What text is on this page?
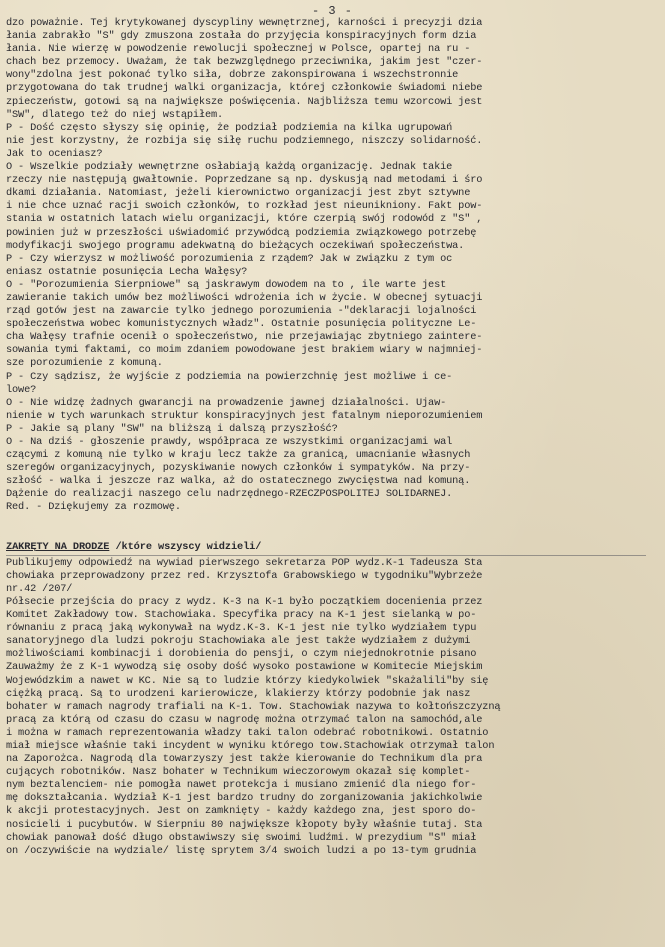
- 3 -
dzo poważnie. Tej krytykowanej dyscypliny wewnętrznej, karności i precyzji dzia
łania zabrakło "S" gdy zmuszona została do przyjęcia konspiracyjnych form dzia
łania. Nie wierzę w powodzenie rewolucji społecznej w Polsce, opartej na ru -
chach bez przemocy. Uważam, że tak bezwzględnego przeciwnika, jakim jest "czer-
wony"zdolna jest pokonać tylko siła, dobrze zakonspirowana i wszechstronnie
przygotowana do tak trudnej walki organizacja, której członkowie świadomi niebe
zpieczeństw, gotowi są na największe poświęcenia. Najbliższa temu wzorcowi jest
"SW", dlatego też do niej wstąpiłem.
P - Dość często słyszy się opinię, że podział podziemia na kilka ugrupowań
nie jest korzystny, że rozbija się siłę ruchu podziemnego, niszczy solidarność.
Jak to oceniasz?
O - Wszelkie podziały wewnętrzne osłabiają każdą organizację. Jednak takie
rzeczy nie następują gwałtownie. Poprzedzane są np. dyskusją nad metodami i śro
dkami działania. Natomiast, jeżeli kierownictwo organizacji jest zbyt sztywne
i nie chce uznać racji swoich członków, to rozkład jest nieunikniony. Fakt pow-
stania w ostatnich latach wielu organizacji, które czerpią swój rodowód z "S" ,
powinien już w przeszłości uświadomić przywódcą podziemia związkowego potrzebę
modyfikacji swojego programu adekwatną do bieżących oczekiwań społeczeństwa.
P - Czy wierzysz w możliwość porozumienia z rządem? Jak w związku z tym oc
eniasz ostatnie posunięcia Lecha Wałęsy?
O - "Porozumienia Sierpniowe" są jaskrawym dowodem na to , ile warte jest
zawieranie takich umów bez możliwości wdrożenia ich w życie. W obecnej sytuacji
rząd gotów jest na zawarcie tylko jednego porozumienia -"deklaracji lojalności
społeczeństwa wobec komunistycznych władz". Ostatnie posunięcia polityczne Le-
cha Wałęsy trafnie ocenił o społeczeństwo, nie przejawiając zbytniego zaintere-
sowania tymi faktami, co moim zdaniem powodowane jest brakiem wiary w najmniej-
sze porozumienie z komuną.
P - Czy sądzisz, że wyjście z podziemia na powierzchnię jest możliwe i ce-
lowe?
O - Nie widzę żadnych gwarancji na prowadzenie jawnej działalności. Ujaw-
nienie w tych warunkach struktur konspiracyjnych jest fatalnym nieporozumieniem
P - Jakie są plany "SW" na bliższą i dalszą przyszłość?
O - Na dziś - głoszenie prawdy, współpraca ze wszystkimi organizacjami wal
czącymi z komuną nie tylko w kraju lecz także za granicą, umacnianie własnych
szeregów organizacyjnych, pozyskiwanie nowych członków i sympatyków. Na przy-
szłość - walka i jeszcze raz walka, aż do ostatecznego zwycięstwa nad komuną.
Dążenie do realizacji naszego celu nadrzędnego-RZECZPOSPOLITEJ SOLIDARNEJ.
Red. - Dziękujemy za rozmowę.
ZAKRĘTY NA DRODZE /które wszyscy widzieli/
Publikujemy odpowiedź na wywiad pierwszego sekretarza POP wydz.K-1 Tadeusza Sta
chowiaka przeprowadzony przez red. Krzysztofa Grabowskiego w tygodniku"Wybrzeże
nr.42 /207/
Półsecie przejścia do pracy z wydz. K-3 na K-1 było początkiem docenienia przez
Komitet Zakładowy tow. Stachowiaka. Specyfika pracy na K-1 jest sielanką w po-
równaniu z pracą jaką wykonywał na wydz.K-3. K-1 jest nie tylko wydziałem typu
sanatoryjnego dla ludzi pokroju Stachowiaka ale jest także wydziałem z dużymi
możliwościami kombinacji i dorobienia do pensji, o czym niejednokrotnie pisano
Zauważmy że z K-1 wywodzą się osoby dość wysoko postawione w Komitecie Miejskim
Wojewódzkim a nawet w KC. Nie są to ludzie którzy kiedykolwiek "skażalili"by się
ciężką pracą. Są to urodzeni karierowicze, klakierzy którzy podobnie jak nasz
bohater w ramach nagrody trafiali na K-1. Tow. Stachowiak nazywa to kołtońszczyzną
pracą za którą od czasu do czasu w nagrodę można otrzymać talon na samochód,ale
i można w ramach reprezentowania władzy taki talon odebrać robotnikowi. Ostatnio
miał miejsce właśnie taki incydent w wyniku którego tow.Stachowiak otrzymał talon
na Zaporożca. Nagrodą dla towarzyszy jest także kierowanie do Technikum dla pra
cujących robotników. Nasz bohater w Technikum wieczorowym okazał się komplet-
nym beztalenciem- nie pomogła nawet protekcja i musiano zmienić dla niego for-
mę dokształcania. Wydział K-1 jest bardzo trudny do zorganizowania jakichkolwie
k akcji protestacyjnych. Jest on zamknięty - każdy każdego zna, jest sporo do-
nosicieli i pucybutów. W Sierpniu 80 największe kłopoty były właśnie tutaj. Sta
chowiak panował dość długo obstawiwszy się swoimi ludźmi. W prezydium "S" miał
on /oczywiście na wydziale/ listę sprytem 3/4 swoich ludzi a po 13-tym grudnia
